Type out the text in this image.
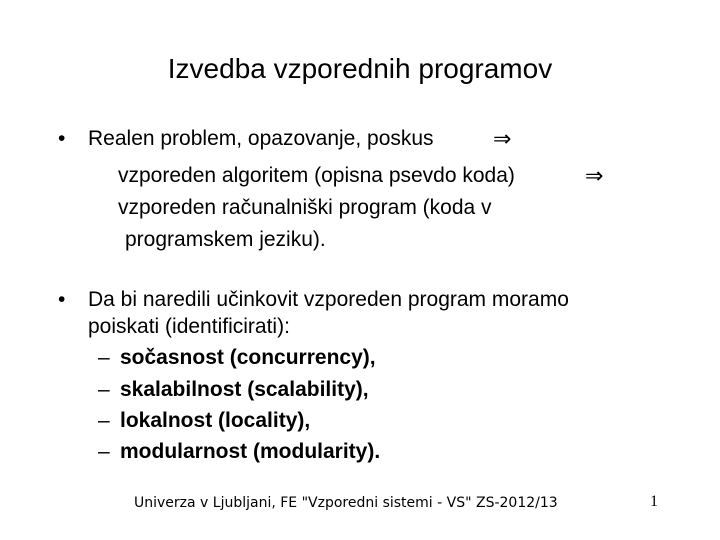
Izvedba vzporednih programov
• Realen problem, opazovanje, poskus	⇒
vzporeden algoritem (opisna psevdo koda)	⇒
vzporeden računalniški program (koda v
programskem jeziku).
• Da bi naredili učinkovit vzporeden program moramo
poiskati (identificirati):
– sočasnost (concurrency),
– skalabilnost (scalability),
– lokalnost (locality),
– modularnost (modularity).
Univerza v Ljubljani, FE "Vzporedni sistemi - VS" ZS-2012/13	1
